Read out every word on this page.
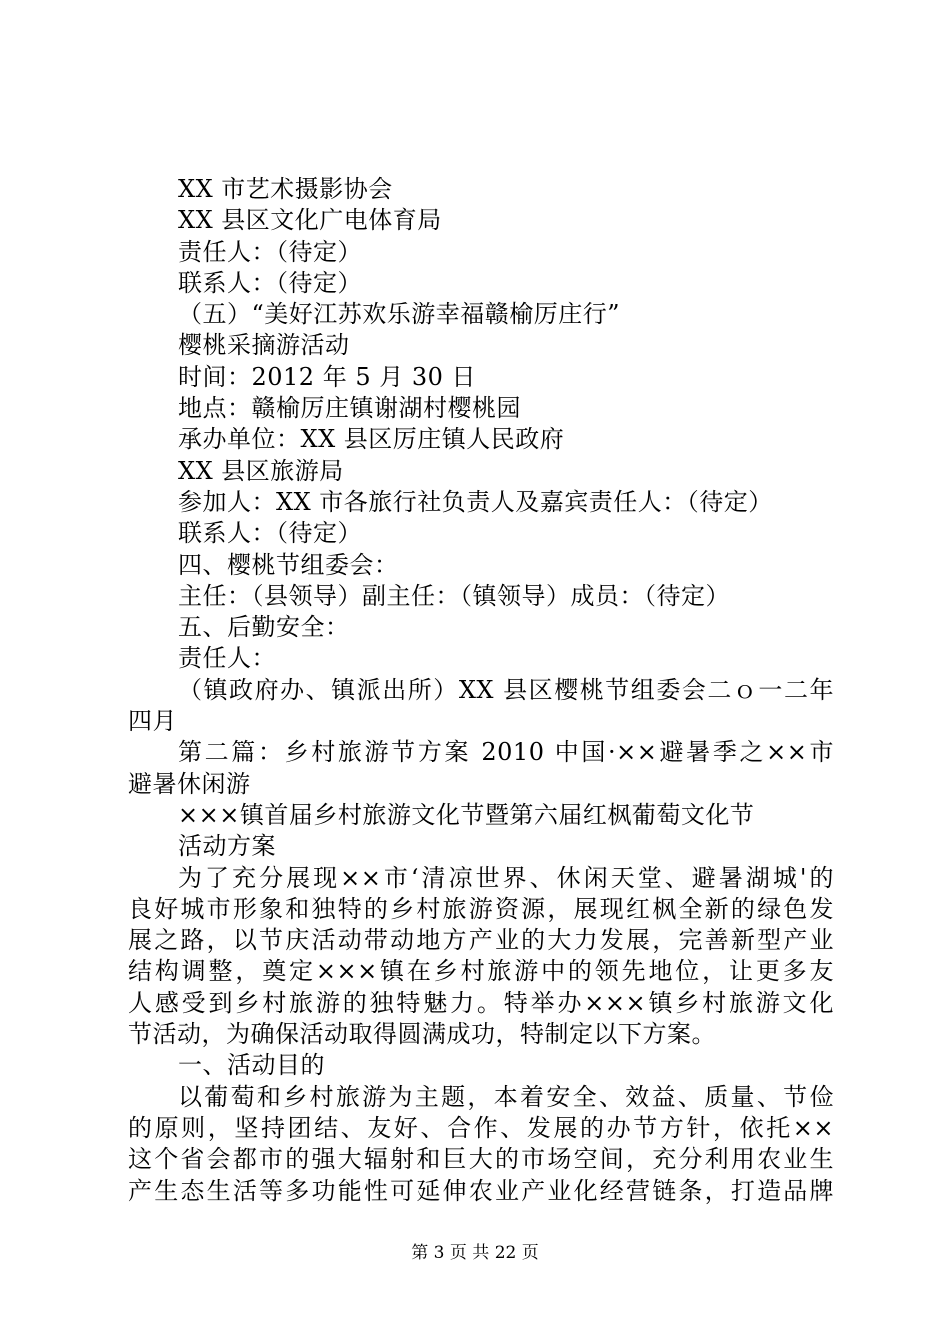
XX 市艺术摄影协会
XX 县区文化广电体育局
责任人：（待定）
联系人：（待定）
（五）“美好江苏欢乐游幸福赣榆厉庄行”
樱桃采摘游活动
时间：2012 年 5 月 30 日
地点：赣榆厉庄镇谢湖村樱桃园
承办单位：XX 县区厉庄镇人民政府
XX 县区旅游局
参加人：XX 市各旅行社负责人及嘉宾责任人：（待定）
联系人：（待定）
四、樱桃节组委会：
主任：（县领导）副主任：（镇领导）成员：（待定）
五、后勤安全：
责任人：
（镇政府办、镇派出所）XX 县区樱桃节组委会二ｏ一二年
四月
第二篇：乡村旅游节方案 2010 中国·××避暑季之××市
避暑休闲游
×××镇首届乡村旅游文化节暨第六届红枫葡萄文化节
活动方案
为了充分展现××市‘清凉世界、休闲天堂、避暑湖城'的
良好城市形象和独特的乡村旅游资源，展现红枫全新的绿色发
展之路，以节庆活动带动地方产业的大力发展，完善新型产业
结构调整，奠定×××镇在乡村旅游中的领先地位，让更多友
人感受到乡村旅游的独特魅力。特举办×××镇乡村旅游文化
节活动，为确保活动取得圆满成功，特制定以下方案。
一、活动目的
以葡萄和乡村旅游为主题，本着安全、效益、质量、节俭
的原则，坚持团结、友好、合作、发展的办节方针，依托××
这个省会都市的强大辐射和巨大的市场空间，充分利用农业生
产生态生活等多功能性可延伸农业产业化经营链条，打造品牌
第 3 页 共 22 页
